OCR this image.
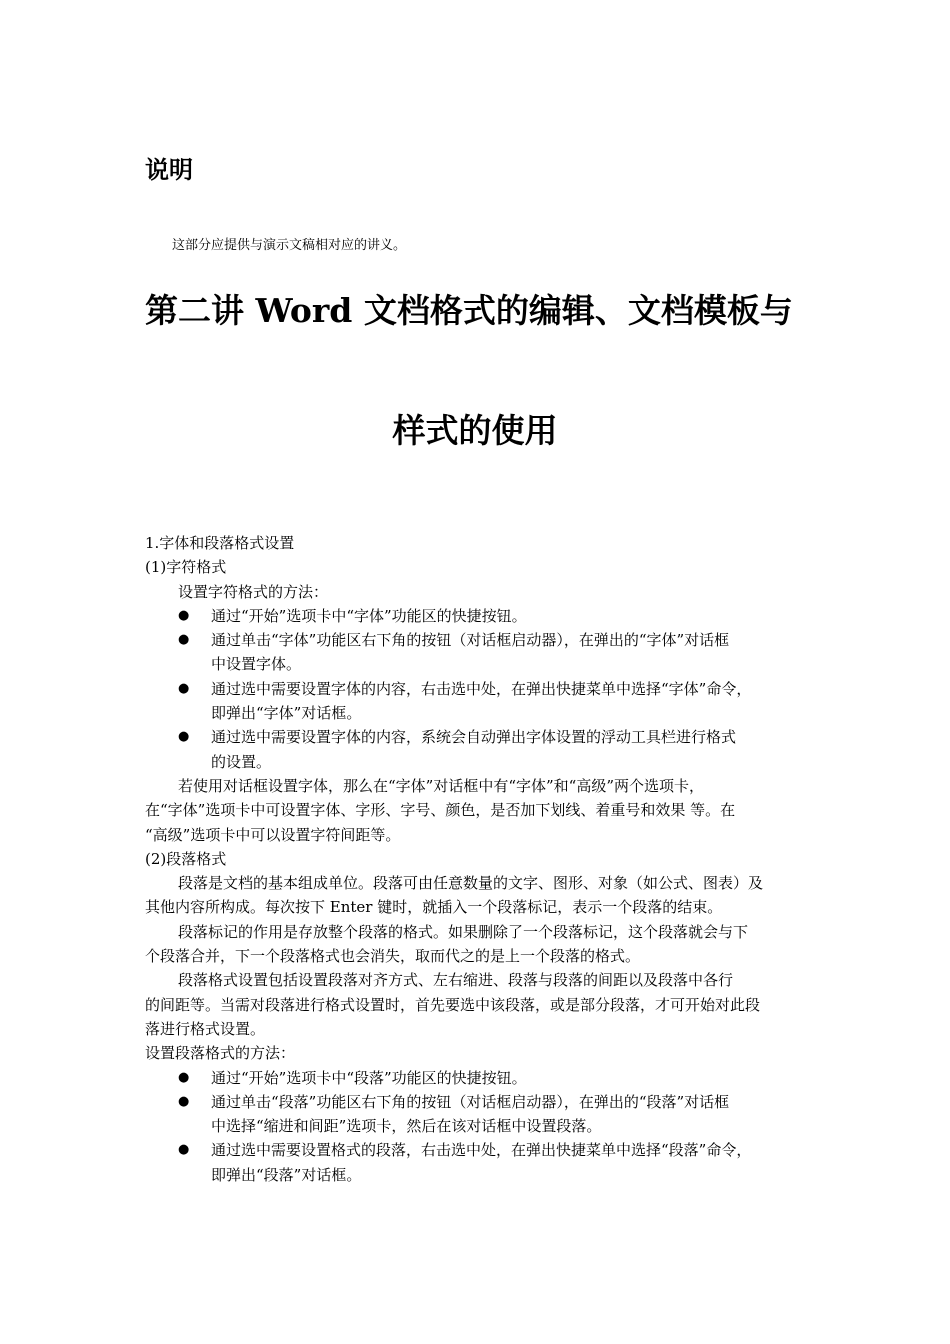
说明
这部分应提供与演示文稿相对应的讲义。
第二讲 Word 文档格式的编辑、文档模板与
样式的使用
1.字体和段落格式设置
(1)字符格式
设置字符格式的方法：
●	通过“开始”选项卡中“字体”功能区的快捷按钮。
●	通过单击“字体”功能区右下角的按钮（对话框启动器），在弹出的“字体”对话框
中设置字体。
●	通过选中需要设置字体的内容，右击选中处，在弹出快捷菜单中选择“字体”命令，
即弹出“字体”对话框。
●	通过选中需要设置字体的内容，系统会自动弹出字体设置的浮动工具栏进行格式
的设置。
若使用对话框设置字体，那么在“字体”对话框中有“字体”和“高级”两个选项卡，
在“字体”选项卡中可设置字体、字形、字号、颜色，是否加下划线、着重号和效果 等。在
“高级”选项卡中可以设置字符间距等。
(2)段落格式
段落是文档的基本组成单位。段落可由任意数量的文字、图形、对象（如公式、图表）及
其他内容所构成。每次按下 Enter 键时，就插入一个段落标记，表示一个段落的结束。
段落标记的作用是存放整个段落的格式。如果删除了一个段落标记，这个段落就会与下
个段落合并，下一个段落格式也会消失，取而代之的是上一个段落的格式。
段落格式设置包括设置段落对齐方式、左右缩进、段落与段落的间距以及段落中各行
的间距等。当需对段落进行格式设置时，首先要选中该段落，或是部分段落，才可开始对此段
落进行格式设置。
设置段落格式的方法：
●	通过“开始”选项卡中“段落”功能区的快捷按钮。
●	通过单击“段落”功能区右下角的按钮（对话框启动器），在弹出的“段落”对话框
中选择“缩进和间距”选项卡，然后在该对话框中设置段落。
●	通过选中需要设置格式的段落，右击选中处，在弹出快捷菜单中选择“段落”命令，
即弹出“段落”对话框。
